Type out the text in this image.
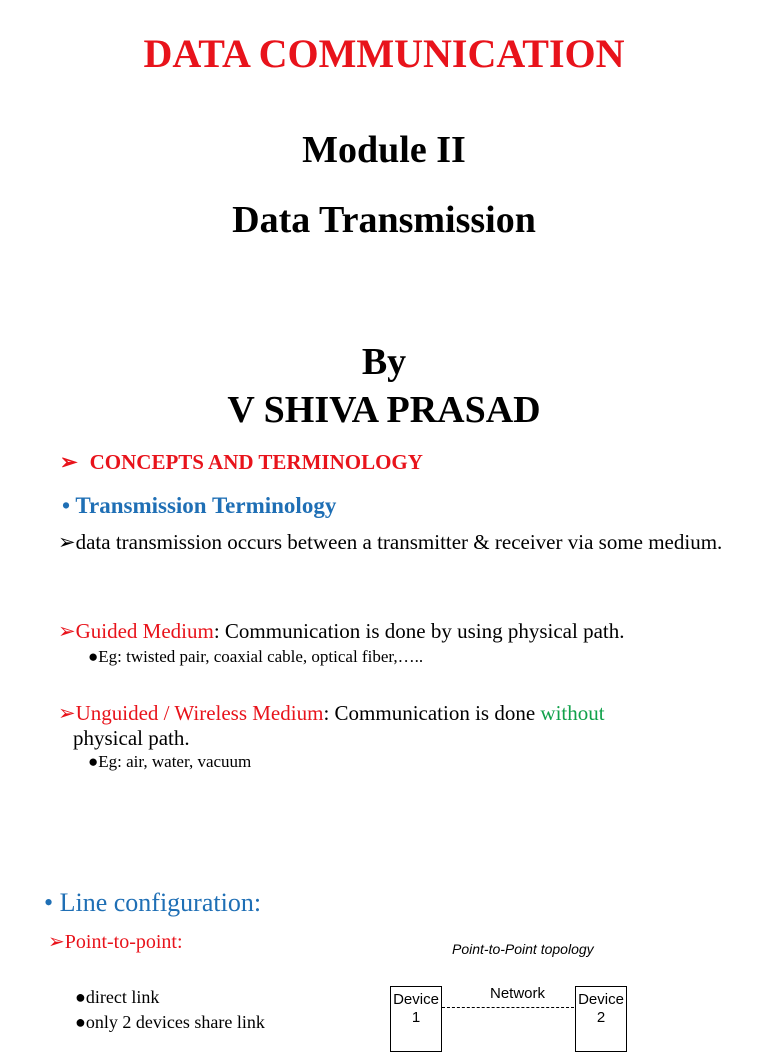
DATA COMMUNICATION
Module II
Data Transmission
By
V SHIVA PRASAD
➢ CONCEPTS AND TERMINOLOGY
• Transmission Terminology
➢data transmission occurs between a transmitter & receiver via some medium.
➢Guided Medium: Communication is done by using physical path.
●Eg: twisted pair, coaxial cable, optical fiber,…..
➢Unguided / Wireless Medium: Communication is done without
physical path.
●Eg: air, water, vacuum
• Line configuration:
➢Point-to-point:	Point-to-Point topology
●direct link
●only 2 devices share link
Device
1
Network Device
2
